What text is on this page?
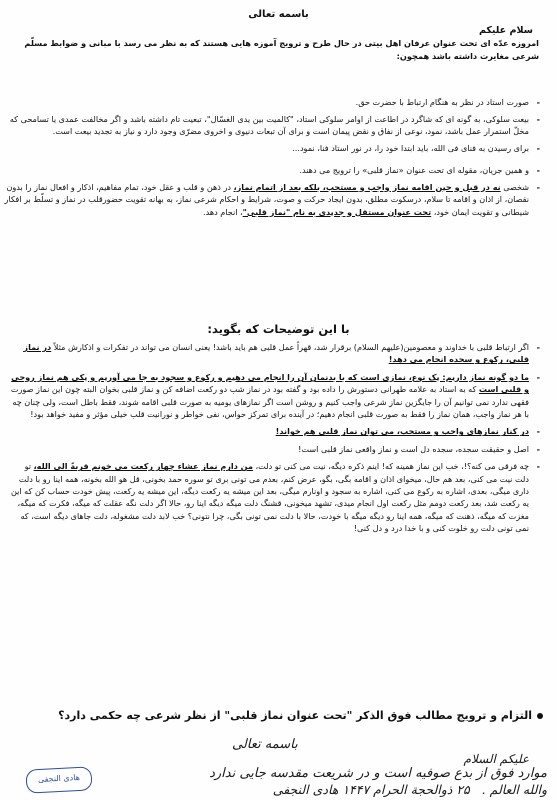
باسمه تعالی
سلام علیکم
امروزه عدّه ای تحت عنوان عرفان اهل بیتی در حال طرح و ترویج آموزه هایی هستند که به نظر می رسد با مبانی و ضوابط مسلّم شرعی مغایرت داشته باشد همچون:
- صورت استاد در نظر به هنگام ارتباط با حضرت حق.
- بیعت سلوکی، به گونه ای که شاگرد در اطاعت از اوامر سلوکی استاد، "کالمیت بین یدی الغسّال"، تبعیت تام داشته باشد و اگر مخالفت عمدی یا تسامحی که مخلّ استمرار عمل باشد، نمود، نوعی از نفاق و نقض پیمان است و برای آن تبعات دنیوی و اخروی مضرّی وجود دارد و نیاز به تجدید بیعت است.
- برای رسیدن به فنای فی الله، باید ابتدا خود را، در نور استاد فنا، نمود...
- و همین جریان، مقوله ای تحت عنوان «نماز قلبی» را ترویج می دهند.
- شخصی نه در قبل و حین اقامه نماز واجب و مستحب، بلکه بعد از اتمام نماز، در ذهن و قلب و عقل خود، تمام مفاهیم، اذکار و افعال نماز را بدون نقصان، از اذان و اقامه تا سلام، درسکوت مطلق، بدون ایجاد حرکت و صوت، شرایط و احکام شرعی نماز، به بهانه تقویت حضورقلب در نماز و تسلّط بر افکار شیطانی و تقویت ایمان خود، تحت عنوان مستقل و جدیدی به نام "نماز قلبی"، انجام دهد.
با این توضیحات که بگوید:
- اگر ارتباط قلبی با خداوند و معصومین(علیهم السلام) برقرار شد، قهراً عمل قلبی هم باید باشد! یعنی انسان می تواند در تفکرات و اذکارش مثلاً در نماز قلبی، رکوع و سجده انجام می دهد!
- ما دو گونه نماز داریم: یک نوع، نمازی است که با بدنمان آن را انجام می دهیم و رکوع و سجود به جا می آوریم و یکی هم نماز روحی و قلبی است که به استاد به علامه طهرانی دستورش را داده بود و گفته بود در نماز شب دو رکعت اضافه کن و نماز قلبی بخوان البته چون این نماز صورت فقهی ندارد نمی توانیم آن را جایگزین نماز شرعی واجب کنیم و روشن است اگر نمازهای یومیه به صورت قلبی اقامه شوند، فقط باطل است، ولی چنان چه با هر نماز واجب، همان نماز را فقط به صورت قلبی انجام دهیم؛ در آینده برای تمرکز حواس، نفی خواطر و نورانیت قلب خیلی مؤثر و مفید خواهد بود!
- در کنار نمازهای واجب و مستحب، می توان نماز قلبی هم خواند!
- اصل و حقیقت سجده، سجده دل است و نماز واقعی نماز قلبی است!
- چه فرقی می کنه؟!، خب این نماز همینه که! اینم ذکره دیگه، نیت می کنی تو دلت، من دارم نماز عشاء چهار رکعت می خونم قربةً الی الله، تو دلت نیت می کنی، بعد هم حال، میخوای اذان و اقامه بگی، بگو، عرض کنم، بعدم می تونی بری تو سوره حمد بخونی، قل هو الله بخونه، همه اینا رو با دلت داری میگی، بعدی، اشاره به رکوع می کنی، اشاره به سجود و اونارم میگی، بعد این میشه یه رکعت دیگه، این میشه یه رکعت، پیش خودت حساب کن که این یه رکعت شد، بعد رکعت دومم مثل رکعت اول انجام میدی، تشهد میخونی، قشنگ دلت میگه دیگه اینا رو، حالا اگر دلت نگه عقلت که میگه، فکرت که میگه، مغزت که میگه، ذهنت که میگه، همه اینا رو دیگه میگه با خودت، حالا با دلت نمی تونی بگی، چرا نتونی؟ خب لابد دلت مشغوله، دلت جاهای دیگه است، که نمی تونی دلت رو خلوت کنی و با خدا درد و دل کنی!
التزام و ترویج مطالب فوق الذکر "تحت عنوان نماز قلبی" از نظر شرعی چه حکمی دارد؟
باسمه تعالی
علیکم السلام
موارد فوق از بدع صوفیه است و در شریعت مقدسه جایی ندارد
والله العالم .   ۲۵ ذوالحجة الحرام ۱۴۴۷ هادی النجفی
هادی النجفی
